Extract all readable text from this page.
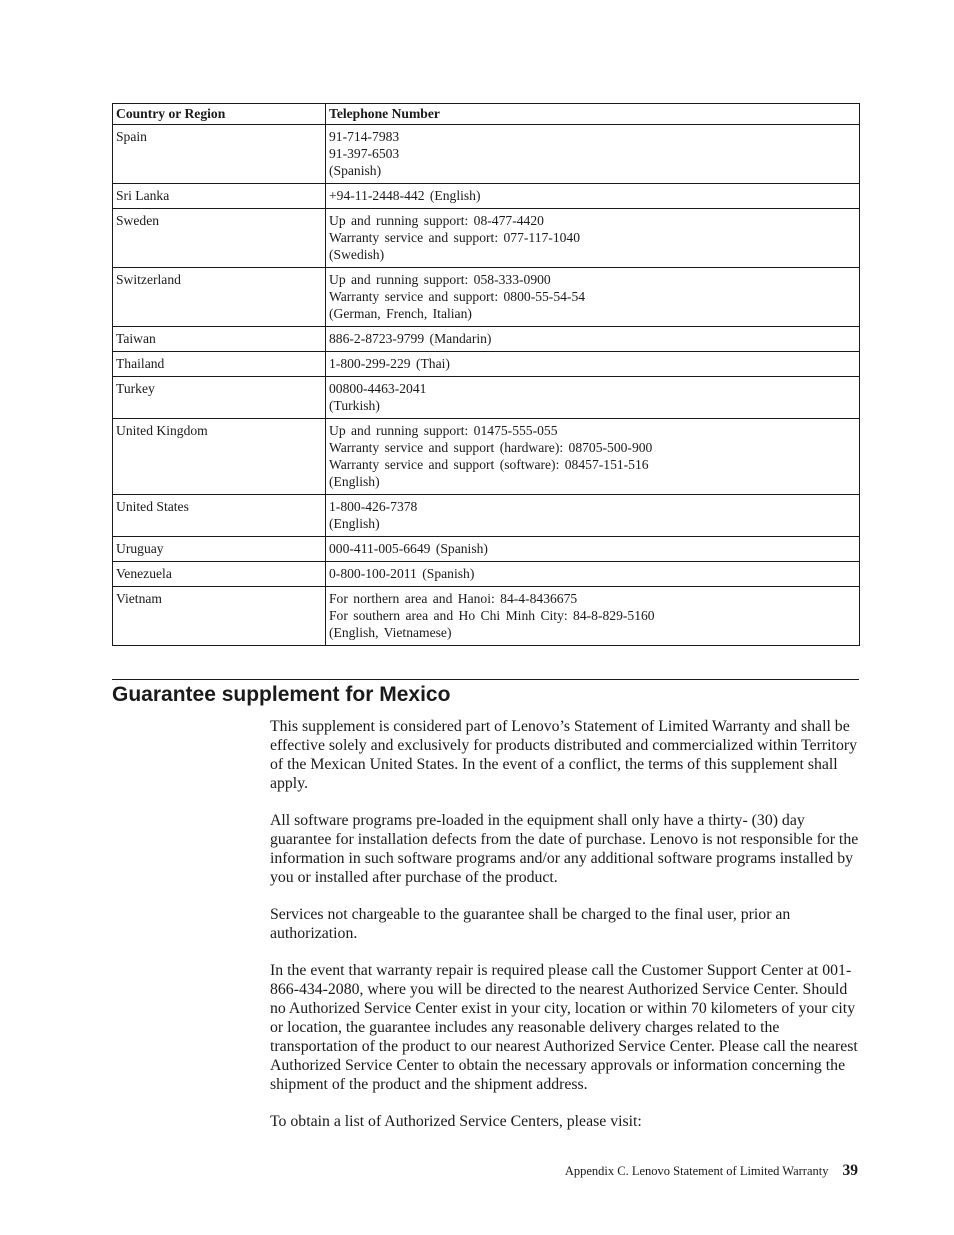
Country or Region	Telephone Number
Spain	91-714-7983
91-397-6503
(Spanish)
Sri Lanka	+94-11-2448-442 (English)
Sweden	Up and running support: 08-477-4420
Warranty service and support: 077-117-1040
(Swedish)
Switzerland	Up and running support: 058-333-0900
Warranty service and support: 0800-55-54-54
(German, French, Italian)
Taiwan	886-2-8723-9799 (Mandarin)
Thailand	1-800-299-229 (Thai)
Turkey	00800-4463-2041
(Turkish)
United Kingdom	Up and running support: 01475-555-055
Warranty service and support (hardware): 08705-500-900
Warranty service and support (software): 08457-151-516
(English)
United States	1-800-426-7378
(English)
Uruguay	000-411-005-6649 (Spanish)
Venezuela	0-800-100-2011 (Spanish)
Vietnam	For northern area and Hanoi: 84-4-8436675
For southern area and Ho Chi Minh City: 84-8-829-5160
(English, Vietnamese)
Guarantee supplement for Mexico

This supplement is considered part of Lenovo’s Statement of Limited Warranty and shall be effective solely and exclusively for products distributed and commercialized within Territory of the Mexican United States. In the event of a conflict, the terms of this supplement shall apply.

All software programs pre-loaded in the equipment shall only have a thirty- (30) day guarantee for installation defects from the date of purchase. Lenovo is not responsible for the information in such software programs and/or any additional software programs installed by you or installed after purchase of the product.

Services not chargeable to the guarantee shall be charged to the final user, prior an authorization.

In the event that warranty repair is required please call the Customer Support Center at 001-866-434-2080, where you will be directed to the nearest Authorized Service Center. Should no Authorized Service Center exist in your city, location or within 70 kilometers of your city or location, the guarantee includes any reasonable delivery charges related to the transportation of the product to our nearest Authorized Service Center. Please call the nearest Authorized Service Center to obtain the necessary approvals or information concerning the shipment of the product and the shipment address.

To obtain a list of Authorized Service Centers, please visit:

Appendix C. Lenovo Statement of Limited Warranty 39
